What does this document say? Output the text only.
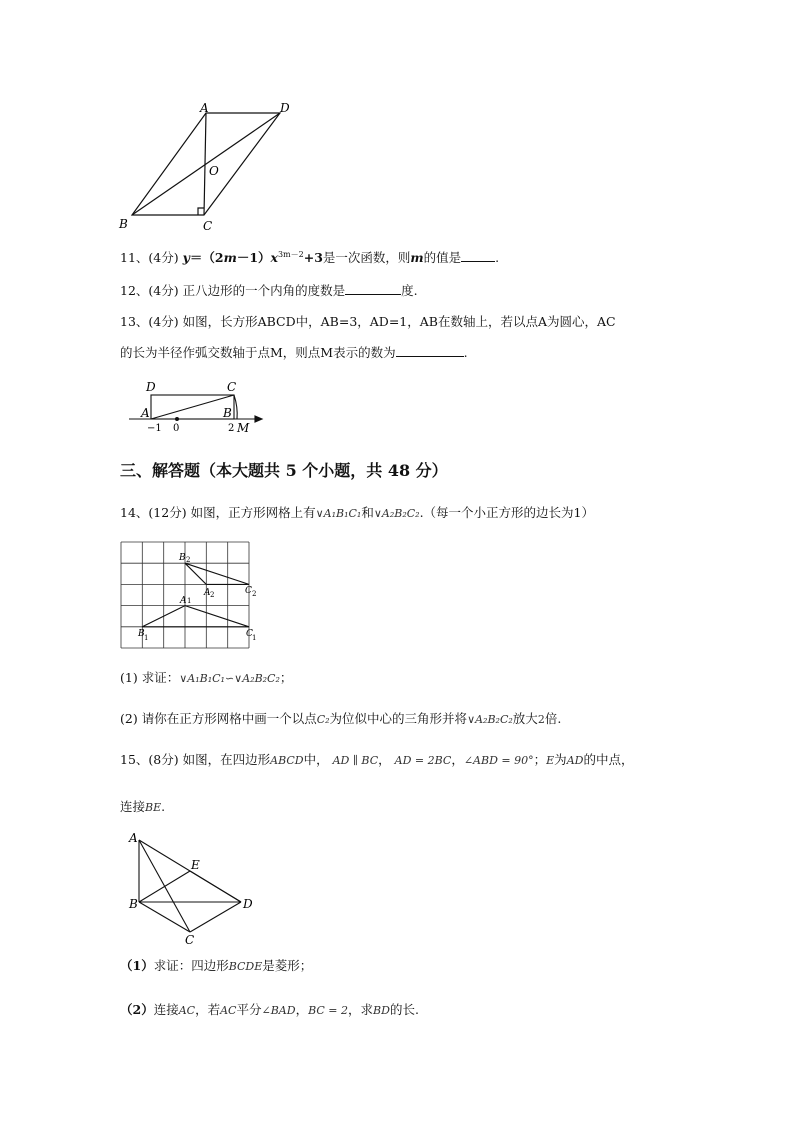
A	D
O
B	C
11、(4分) $y=(2m-1)x^{3m-2}+3$是一次函数，则m的值是	.
12、(4分) 正八边形的一个内角的度数是	度.
13、(4分) 如图，长方形ABCD中，AB=3，AD=1，AB在数轴上，若以点A为圆心，AC
的长为半径作弧交数轴于点M，则点M表示的数为	.
D	C
A	B
−1 0	2 M
三、解答题（本大题共 5 个小题，共 48 分）
14、(12分) 如图，正方形网格上有∨A₁B₁C₁和∨A₂B₂C₂.（每一个小正方形的边长为1）
B 2
A 2	C 2
A 1
B 1	C 1
(1) 求证：∨A₁B₁C₁∽∨A₂B₂C₂；
(2) 请你在正方形网格中画一个以点C₂为位似中心的三角形并将∨A₂B₂C₂放大2倍.
15、(8分) 如图，在四边形ABCD中， AD ∥ BC， AD = 2BC，∠ABD = 90°；E为AD的中点，
连接BE.
A
E
B	D
C
（1）求证：四边形BCDE是菱形；
（2）连接AC，若AC平分∠BAD，BC = 2，求BD的长.
